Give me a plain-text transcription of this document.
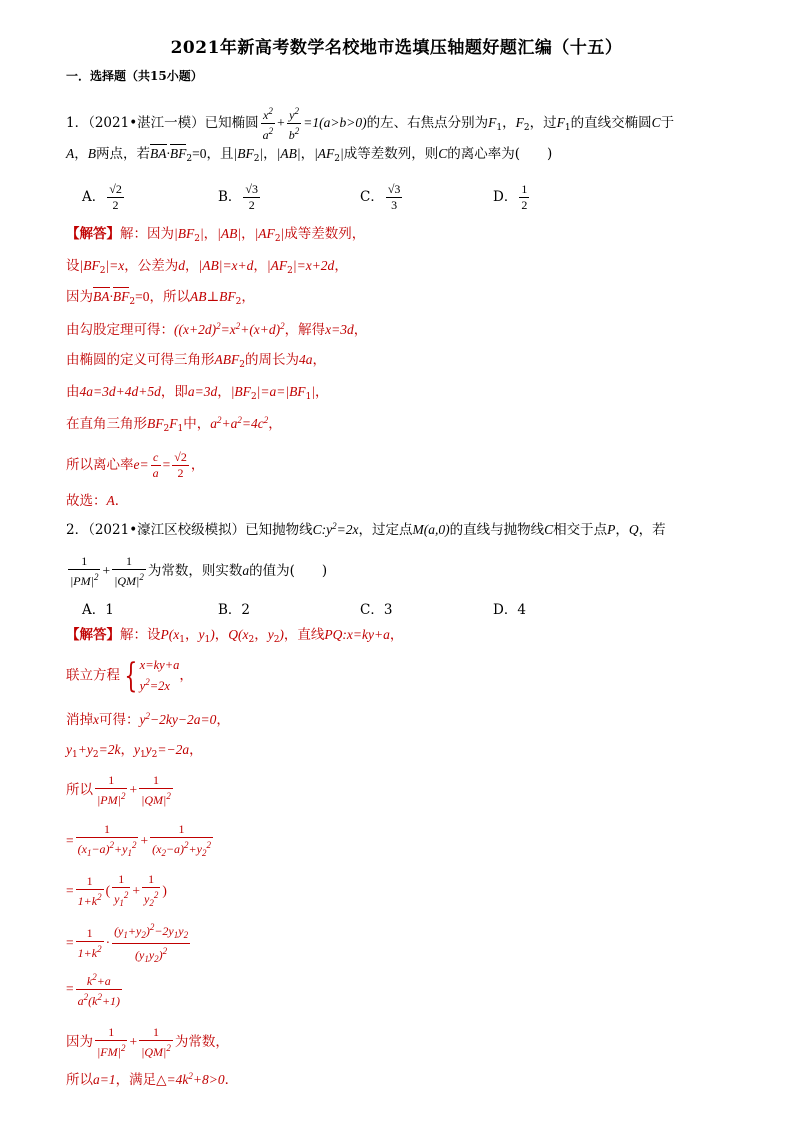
2021年新高考数学名校地市选填压轴题好题汇编（十五）
一．选择题（共15小题）
1．（2021•湛江一模）已知椭圆 $\frac{x^2}{a^2} + \frac{y^2}{b^2} =1(a>b>0)$的左、右焦点分别为$F_1$，$F_2$，过$F_1$的直线交椭圆C于
A，B两点，若$BA\cdot BF_2=0$，且$|BF_2|$，|AB|，$|AF_2|$成等差数列，则C的离心率为(　　)
A． $\frac{√2}{2}$	B． $\frac{√3}{2}$	C． $\frac{√3}{3}$	D． $\frac{1}{2}$
【解答】解：因为$|BF_2|$，|AB|，$|AF_2|$成等差数列，
设$|BF_2|=x$，公差为d，|AB|=x+d，$|AF_2|=x+2d$，
因为$BA\cdot BF_2=0$，所以$AB\perp BF_2$，
由勾股定理可得：($(x+2d)^2=x^2+(x+d)^2$，解得x=3d，
由椭圆的定义可得三角形$ABF_2$的周长为4a，
由4a=3d+4d+5d，即a=3d，$|BF_2|=a=|BF_1|$，
在直角三角形$BF_2F_1$中，$a^2+a^2=4c^2$，
所以离心率$e= \frac{c}{a} = \frac{√2}{2}$ ，
故选：A．
2．（2021•濠江区校级模拟）已知抛物线$C:y^2=2x$，过定点M(a,0)的直线与抛物线C相交于点P，Q，若
$\frac{1}{|PM|^2} + \frac{1}{|QM|^2}$ 为常数，则实数a的值为(　　)
A．1	B．2	C．3	D．4
【解答】解：设$P(x_1$，$y_1$)，$Q(x_2$，$y_2$)，直线PQ:x=ky+a，
联立方程 { x=ky+a
$y^2=2x$
，
消掉x可得：$y^2-2ky-2a=0$，
$y_1+y_2=2k$，$y_1y_2=-2a$，
所以 $\frac{1}{|PM|^2} + \frac{1}{|QM|^2}$
= $\frac{1}{(x_1-a)^2+y_1^2} + \frac{1}{(x_2-a)^2+y_2^2}$
= $\frac{1}{1+k^2}$ ( $\frac{1}{y_1^2} + \frac{1}{y_2^2}$ )
= $\frac{1}{1+k^2} \cdot \frac{(y_1+y_2)^2-2y_1y_2}{(y_1y_2)^2}$
= $\frac{k^2+a}{a^2(k^2+1)}$
因为 $\frac{1}{|FM|^2} + \frac{1}{|QM|^2}$ 为常数，
所以a=1，满足$\triangle=4k^2+8>0$．
